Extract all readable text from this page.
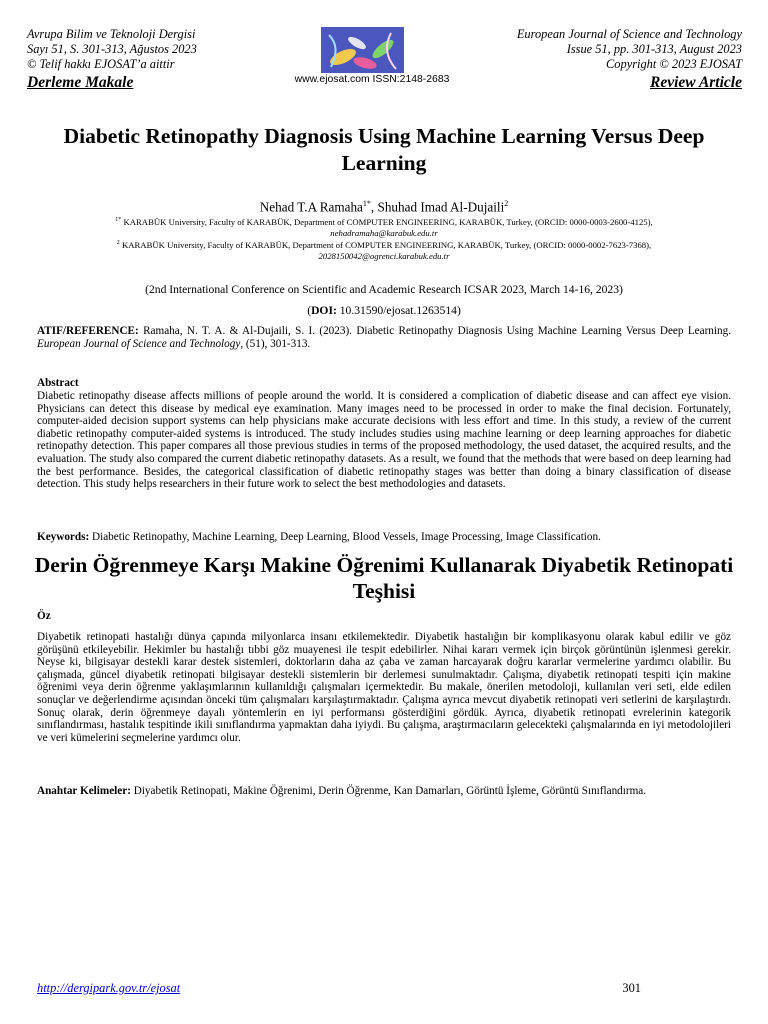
Avrupa Bilim ve Teknoloji Dergisi
Sayı 51, S. 301-313, Ağustos 2023
© Telif hakkı EJOSAT’a aittir
Derleme Makale	www.ejosat.com ISSN:2148-2683
European Journal of Science and Technology
Issue 51, pp. 301-313, August 2023
Copyright © 2023 EJOSAT
Review Article
Diabetic Retinopathy Diagnosis Using Machine Learning Versus Deep Learning
Nehad T.A Ramaha$^{1*}$, Shuhad Imad Al-Dujaili$^2$
$^{1*}$ KARABÜK University, Faculty of KARABÜK, Department of COMPUTER ENGINEERING, KARABÜK, Turkey, (ORCID: 0000-0003-2600-4125),
nehadramaha@karabuk.edu.tr
$^2$ KARABÜK University, Faculty of KARABÜK, Department of COMPUTER ENGINEERING, KARABÜK, Turkey, (ORCID: 0000-0002-7623-7368),
2028150042@ogrenci.karabuk.edu.tr
(2nd International Conference on Scientific and Academic Research ICSAR 2023, March 14-16, 2023)
(DOI: 10.31590/ejosat.1263514)

ATIF/REFERENCE: Ramaha, N. T. A. & Al-Dujaili, S. I. (2023). Diabetic Retinopathy Diagnosis Using Machine Learning Versus Deep Learning. European Journal of Science and Technology, (51), 301-313.

Abstract

Diabetic retinopathy disease affects millions of people around the world. It is considered a complication of diabetic disease and can affect eye vision. Physicians can detect this disease by medical eye examination. Many images need to be processed in order to make the final decision. Fortunately, computer-aided decision support systems can help physicians make accurate decisions with less effort and time. In this study, a review of the current diabetic retinopathy computer-aided systems is introduced. The study includes studies using machine learning or deep learning approaches for diabetic retinopathy detection. This paper compares all those previous studies in terms of the proposed methodology, the used dataset, the acquired results, and the evaluation. The study also compared the current diabetic retinopathy datasets. As a result, we found that the methods that were based on deep learning had the best performance. Besides, the categorical classification of diabetic retinopathy stages was better than doing a binary classification of disease detection. This study helps researchers in their future work to select the best methodologies and datasets.

Keywords: Diabetic Retinopathy, Machine Learning, Deep Learning, Blood Vessels, Image Processing, Image Classification.

Derin Öğrenmeye Karşı Makine Öğrenimi Kullanarak Diyabetik Retinopati Teşhisi
Öz

Diyabetik retinopati hastalığı dünya çapında milyonlarca insanı etkilemektedir. Diyabetik hastalığın bir komplikasyonu olarak kabul edilir ve göz görüşünü etkileyebilir. Hekimler bu hastalığı tıbbi göz muayenesi ile tespit edebilirler. Nihai kararı vermek için birçok görüntünün işlenmesi gerekir. Neyse ki, bilgisayar destekli karar destek sistemleri, doktorların daha az çaba ve zaman harcayarak doğru kararlar vermelerine yardımcı olabilir. Bu çalışmada, güncel diyabetik retinopati bilgisayar destekli sistemlerin bir derlemesi sunulmaktadır. Çalışma, diyabetik retinopati tespiti için makine öğrenimi veya derin öğrenme yaklaşımlarının kullanıldığı çalışmaları içermektedir. Bu makale, önerilen metodoloji, kullanılan veri seti, elde edilen sonuçlar ve değerlendirme açısından önceki tüm çalışmaları karşılaştırmaktadır. Çalışma ayrıca mevcut diyabetik retinopati veri setlerini de karşılaştırdı. Sonuç olarak, derin öğrenmeye dayalı yöntemlerin en iyi performansı gösterdiğini gördük. Ayrıca, diyabetik retinopati evrelerinin kategorik sınıflandırması, hastalık tespitinde ikili sınıflandırma yapmaktan daha iyiydi. Bu çalışma, araştırmacıların gelecekteki çalışmalarında en iyi metodolojileri ve veri kümelerini seçmelerine yardımcı olur.

Anahtar Kelimeler: Diyabetik Retinopati, Makine Öğrenimi, Derin Öğrenme, Kan Damarları, Görüntü İşleme, Görüntü Sınıflandırma.

http://dergipark.gov.tr/ejosat	301
